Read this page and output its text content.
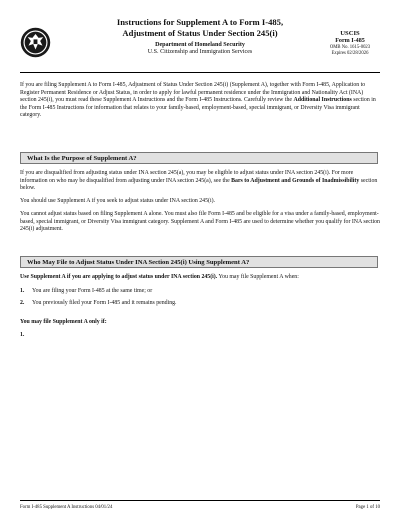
Instructions for Supplement A to Form I-485,
Adjustment of Status Under Section 245(i)
Department of Homeland Security
U.S. Citizenship and Immigration Services
USCIS
Form I-485
OMB No. 1615-0023
Expires 02/28/2026

If you are filing Supplement A to Form I-485, Adjustment of Status Under Section 245(i) (Supplement A), together with Form I-485, Application to Register Permanent Residence or Adjust Status, in order to apply for lawful permanent residence under the Immigration and Nationality Act (INA) section 245(i), you must read these Supplement A Instructions and the Form I-485 Instructions. Carefully review the Additional Instructions section in the Form I-485 Instructions for information that relates to your family-based, employment-based, special immigrant, or Diversity Visa immigrant category.

What Is the Purpose of Supplement A?

If you are disqualified from adjusting status under INA section 245(a), you may be eligible to adjust status under INA section 245(i). For more information on who may be disqualified from adjusting under INA section 245(a), see the Bars to Adjustment and Grounds of Inadmissibility section below.

You should use Supplement A if you seek to adjust status under INA section 245(i).

You cannot adjust status based on filing Supplement A alone. You must also file Form I-485 and be eligible for a visa under a family-based, employment-based, special immigrant, or Diversity Visa immigrant category. Supplement A and Form I-485 are used to determine whether you qualify for INA section 245(i) adjustment.

Who May File to Adjust Status Under INA Section 245(i) Using Supplement A?

Use Supplement A if you are applying to adjust status under INA section 245(i). You may file Supplement A when:

1. You are filing your Form I-485 at the same time; or

2. You previously filed your Form I-485 and it remains pending.

You may file Supplement A only if:

1.

Form I-485 Supplement A Instructions 04/01/24	Page 1 of 10
